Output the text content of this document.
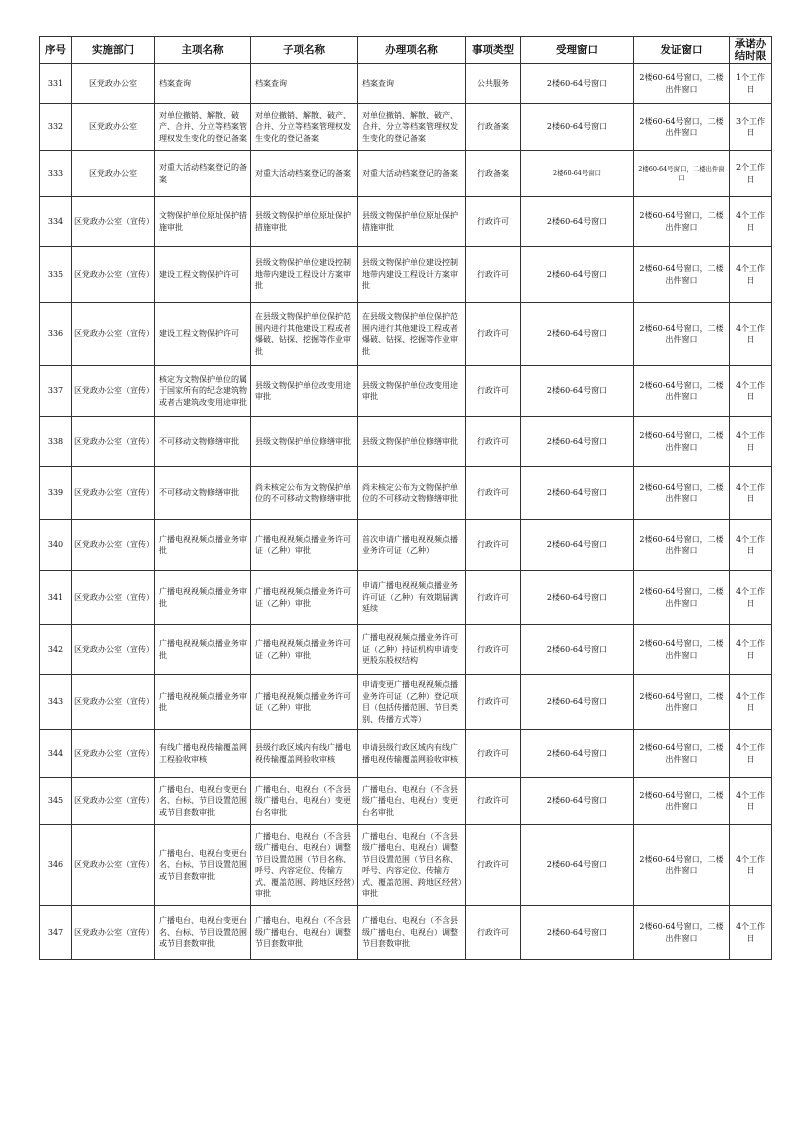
序号	实施部门	主项名称	子项名称	办理项名称	事项类型	受理窗口	发证窗口	承诺办结时限
331	区党政办公室	档案查询	档案查询	档案查询	公共服务	2楼60-64号窗口	2楼60-64号窗口，二楼出件窗口	1个工作日
332	区党政办公室	对单位撤销、解散、破产、合并、分立等档案管理权发生变化的登记备案	对单位撤销、解散、破产、合并、分立等档案管理权发生变化的登记备案	对单位撤销、解散、破产、合并、分立等档案管理权发生变化的登记备案	行政备案	2楼60-64号窗口	2楼60-64号窗口，二楼出件窗口	3个工作日
333	区党政办公室	对重大活动档案登记的备案	对重大活动档案登记的备案	对重大活动档案登记的备案	行政备案	2楼60-64号窗口	2楼60-64号窗口，二楼出件窗口	2个工作日
334	区党政办公室（宣传）	文物保护单位原址保护措施审批	县级文物保护单位原址保护措施审批	县级文物保护单位原址保护措施审批	行政许可	2楼60-64号窗口	2楼60-64号窗口，二楼出件窗口	4个工作日
335	区党政办公室（宣传）	建设工程文物保护许可	县级文物保护单位建设控制地带内建设工程设计方案审批	县级文物保护单位建设控制地带内建设工程设计方案审批	行政许可	2楼60-64号窗口	2楼60-64号窗口，二楼出件窗口	4个工作日
336	区党政办公室（宣传）	建设工程文物保护许可	在县级文物保护单位保护范围内进行其他建设工程或者爆破、钻探、挖掘等作业审批	在县级文物保护单位保护范围内进行其他建设工程或者爆破、钻探、挖掘等作业审批	行政许可	2楼60-64号窗口	2楼60-64号窗口，二楼出件窗口	4个工作日
337	区党政办公室（宣传）	核定为文物保护单位的属于国家所有的纪念建筑物或者古建筑改变用途审批	县级文物保护单位改变用途审批	县级文物保护单位改变用途审批	行政许可	2楼60-64号窗口	2楼60-64号窗口，二楼出件窗口	4个工作日
338	区党政办公室（宣传）	不可移动文物修缮审批	县级文物保护单位修缮审批	县级文物保护单位修缮审批	行政许可	2楼60-64号窗口	2楼60-64号窗口，二楼出件窗口	4个工作日
339	区党政办公室（宣传）	不可移动文物修缮审批	尚未核定公布为文物保护单位的不可移动文物修缮审批	尚未核定公布为文物保护单位的不可移动文物修缮审批	行政许可	2楼60-64号窗口	2楼60-64号窗口，二楼出件窗口	4个工作日
340	区党政办公室（宣传）	广播电视视频点播业务审批	广播电视视频点播业务许可证（乙种）审批	首次申请广播电视视频点播业务许可证（乙种）	行政许可	2楼60-64号窗口	2楼60-64号窗口，二楼出件窗口	4个工作日
341	区党政办公室（宣传）	广播电视视频点播业务审批	广播电视视频点播业务许可证（乙种）审批	申请广播电视视频点播业务许可证（乙种）有效期届满延续	行政许可	2楼60-64号窗口	2楼60-64号窗口，二楼出件窗口	4个工作日
342	区党政办公室（宣传）	广播电视视频点播业务审批	广播电视视频点播业务许可证（乙种）审批	广播电视视频点播业务许可证（乙种）持证机构申请变更股东股权结构	行政许可	2楼60-64号窗口	2楼60-64号窗口，二楼出件窗口	4个工作日
343	区党政办公室（宣传）	广播电视视频点播业务审批	广播电视视频点播业务许可证（乙种）审批	申请变更广播电视视频点播业务许可证（乙种）登记项目（包括传播范围、节目类别、传播方式等）	行政许可	2楼60-64号窗口	2楼60-64号窗口，二楼出件窗口	4个工作日
344	区党政办公室（宣传）	有线广播电视传输覆盖网工程验收审核	县级行政区域内有线广播电视传输覆盖网验收审核	申请县级行政区域内有线广播电视传输覆盖网验收审核	行政许可	2楼60-64号窗口	2楼60-64号窗口，二楼出件窗口	4个工作日
345	区党政办公室（宣传）	广播电台、电视台变更台名、台标、节目设置范围或节目套数审批	广播电台、电视台（不含县级广播电台、电视台）变更台名审批	广播电台、电视台（不含县级广播电台、电视台）变更台名审批	行政许可	2楼60-64号窗口	2楼60-64号窗口，二楼出件窗口	4个工作日
346	区党政办公室（宣传）	广播电台、电视台变更台名、台标、节目设置范围或节目套数审批	广播电台、电视台（不含县级广播电台、电视台）调整节目设置范围（节目名称、呼号、内容定位、传输方式、覆盖范围、跨地区经营）审批	广播电台、电视台（不含县级广播电台、电视台）调整节目设置范围（节目名称、呼号、内容定位、传输方式、覆盖范围、跨地区经营）审批	行政许可	2楼60-64号窗口	2楼60-64号窗口，二楼出件窗口	4个工作日
347	区党政办公室（宣传）	广播电台、电视台变更台名、台标、节目设置范围或节目套数审批	广播电台、电视台（不含县级广播电台、电视台）调整节目套数审批	广播电台、电视台（不含县级广播电台、电视台）调整节目套数审批	行政许可	2楼60-64号窗口	2楼60-64号窗口，二楼出件窗口	4个工作日
